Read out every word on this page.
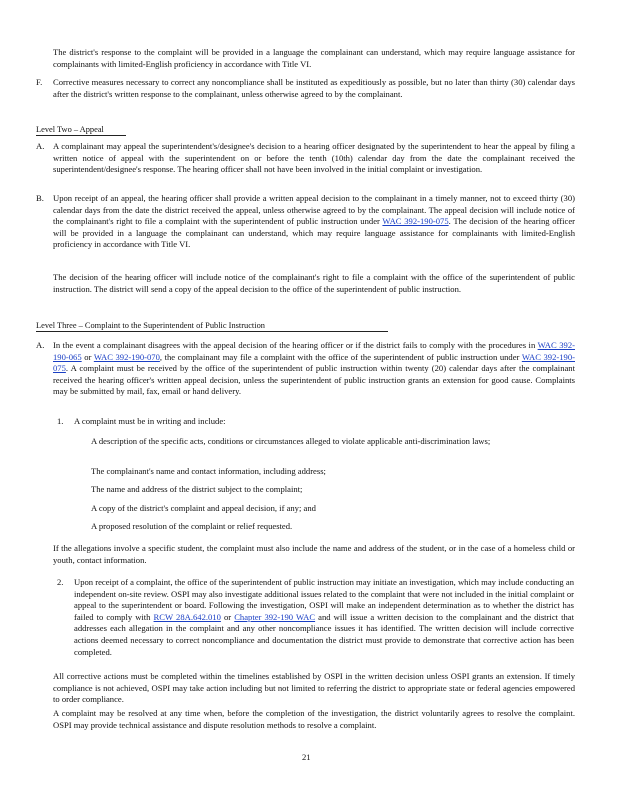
The district's response to the complaint will be provided in a language the complainant can understand, which may require language assistance for complainants with limited-English proficiency in accordance with Title VI.
F. Corrective measures necessary to correct any noncompliance shall be instituted as expeditiously as possible, but no later than thirty (30) calendar days after the district's written response to the complainant, unless otherwise agreed to by the complainant.
Level Two – Appeal
A. A complainant may appeal the superintendent's/designee's decision to a hearing officer designated by the superintendent to hear the appeal by filing a written notice of appeal with the superintendent on or before the tenth (10th) calendar day from the date the complainant received the superintendent/designee's response. The hearing officer shall not have been involved in the initial complaint or investigation.
B. Upon receipt of an appeal, the hearing officer shall provide a written appeal decision to the complainant in a timely manner, not to exceed thirty (30) calendar days from the date the district received the appeal, unless otherwise agreed to by the complainant. The appeal decision will include notice of the complainant's right to file a complaint with the superintendent of public instruction under WAC 392-190-075. The decision of the hearing officer will be provided in a language the complainant can understand, which may require language assistance for complainants with limited-English proficiency in accordance with Title VI.
The decision of the hearing officer will include notice of the complainant's right to file a complaint with the office of the superintendent of public instruction. The district will send a copy of the appeal decision to the office of the superintendent of public instruction.
Level Three – Complaint to the Superintendent of Public Instruction
A. In the event a complainant disagrees with the appeal decision of the hearing officer or if the district fails to comply with the procedures in WAC 392-190-065 or WAC 392-190-070, the complainant may file a complaint with the office of the superintendent of public instruction under WAC 392-190-075. A complaint must be received by the office of the superintendent of public instruction within twenty (20) calendar days after the complainant received the hearing officer's written appeal decision, unless the superintendent of public instruction grants an extension for good cause. Complaints may be submitted by mail, fax, email or hand delivery.
1. A complaint must be in writing and include:
A description of the specific acts, conditions or circumstances alleged to violate applicable anti-discrimination laws;
The complainant's name and contact information, including address;
The name and address of the district subject to the complaint;
A copy of the district's complaint and appeal decision, if any; and
A proposed resolution of the complaint or relief requested.
If the allegations involve a specific student, the complaint must also include the name and address of the student, or in the case of a homeless child or youth, contact information.
2. Upon receipt of a complaint, the office of the superintendent of public instruction may initiate an investigation, which may include conducting an independent on-site review. OSPI may also investigate additional issues related to the complaint that were not included in the initial complaint or appeal to the superintendent or board. Following the investigation, OSPI will make an independent determination as to whether the district has failed to comply with RCW 28A.642.010 or Chapter 392-190 WAC and will issue a written decision to the complainant and the district that addresses each allegation in the complaint and any other noncompliance issues it has identified. The written decision will include corrective actions deemed necessary to correct noncompliance and documentation the district must provide to demonstrate that corrective action has been completed.
All corrective actions must be completed within the timelines established by OSPI in the written decision unless OSPI grants an extension. If timely compliance is not achieved, OSPI may take action including but not limited to referring the district to appropriate state or federal agencies empowered to order compliance.
A complaint may be resolved at any time when, before the completion of the investigation, the district voluntarily agrees to resolve the complaint. OSPI may provide technical assistance and dispute resolution methods to resolve a complaint.
21
